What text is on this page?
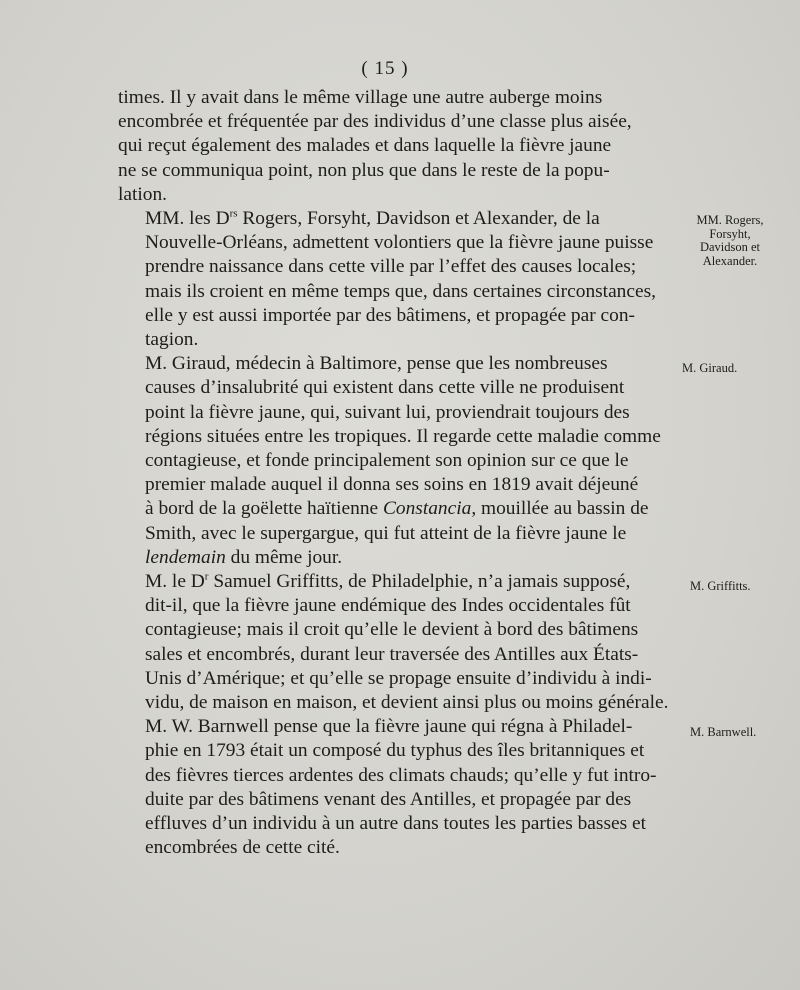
( 15 )

times. Il y avait dans le même village une autre auberge moins
encombrée et fréquentée par des individus d’une classe plus aisée,
qui reçut également des malades et dans laquelle la fièvre jaune
ne se communiqua point, non plus que dans le reste de la popu-
lation.

MM. les $D^{rs}$ Rogers, Forsyht, Davidson et Alexander, de la
Nouvelle-Orléans, admettent volontiers que la fièvre jaune puisse
prendre naissance dans cette ville par l’effet des causes locales;
mais ils croient en même temps que, dans certaines circonstances,
elle y est aussi importée par des bâtimens, et propagée par con-
tagion.

M. Giraud, médecin à Baltimore, pense que les nombreuses
causes d’insalubrité qui existent dans cette ville ne produisent
point la fièvre jaune, qui, suivant lui, proviendrait toujours des
régions situées entre les tropiques. Il regarde cette maladie comme
contagieuse, et fonde principalement son opinion sur ce que le
premier malade auquel il donna ses soins en 1819 avait déjeuné
à bord de la goëlette haïtienne Constancia, mouillée au bassin de
Smith, avec le supergargue, qui fut atteint de la fièvre jaune le
lendemain du même jour.

M. le $D^r$ Samuel Griffitts, de Philadelphie, n’a jamais supposé,
dit-il, que la fièvre jaune endémique des Indes occidentales fût
contagieuse; mais il croit qu’elle le devient à bord des bâtimens
sales et encombrés, durant leur traversée des Antilles aux États-
Unis d’Amérique; et qu’elle se propage ensuite d’individu à indi-
vidu, de maison en maison, et devient ainsi plus ou moins générale.

M. W. Barnwell pense que la fièvre jaune qui régna à Philadel-
phie en 1793 était un composé du typhus des îles britanniques et
des fièvres tierces ardentes des climats chauds; qu’elle y fut intro-
duite par des bâtimens venant des Antilles, et propagée par des
effluves d’un individu à un autre dans toutes les parties basses et
encombrées de cette cité.

MM. Rogers,
Forsyht,
Davidson et
Alexander.
M. Giraud.
M. Griffitts.
M. Barnwell.
